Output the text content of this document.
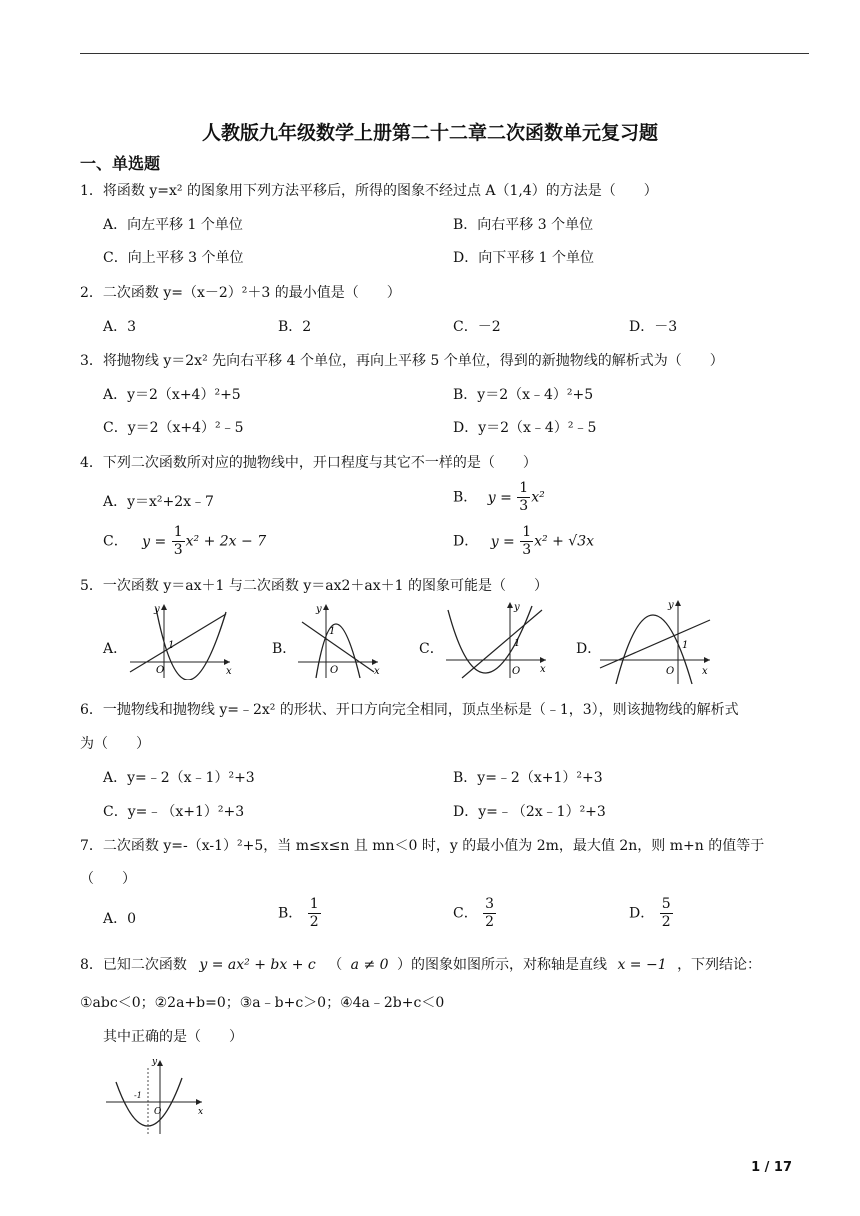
人教版九年级数学上册第二十二章二次函数单元复习题
一、单选题
1．将函数 y=x² 的图象用下列方法平移后，所得的图象不经过点 A（1,4）的方法是（　　）
A．向左平移 1 个单位	B．向右平移 3 个单位
C．向上平移 3 个单位	D．向下平移 1 个单位
2．二次函数 y=（x－2）²＋3 的最小值是（　　）
A．3	B．2	C．－2	D．－3
3．将抛物线 y＝2x² 先向右平移 4 个单位，再向上平移 5 个单位，得到的新抛物线的解析式为（　　）
A．y＝2（x+4）²+5	B．y＝2（x﹣4）²+5
C．y＝2（x+4）²﹣5	D．y＝2（x﹣4）²﹣5
4．下列二次函数所对应的抛物线中，开口程度与其它不一样的是（　　）
A．y＝x²+2x﹣7	B． $y = \frac{1}{3} x^2$
C． $y = \frac{1}{3} x^2 + 2x - 7$	D． $y = \frac{1}{3} x^2 + √3x$
5．一次函数 y＝ax＋1 与二次函数 y＝ax2＋ax＋1 的图象可能是（　　）
A．
y
x
O
1	B．
y
x
O
1
C．
y
x
O
1	D．
y
x
O
1
6．一抛物线和抛物线 y=﹣2x² 的形状、开口方向完全相同，顶点坐标是（﹣1，3），则该抛物线的解析式
为（　　）
A．y=﹣2（x﹣1）²+3	B．y=﹣2（x+1）²+3
C．y=﹣（x+1）²+3	D．y=﹣（2x﹣1）²+3
7．二次函数 y=-（x-1）²+5，当 m≤x≤n 且 mn＜0 时，y 的最小值为 2m，最大值 2n，则 m+n 的值等于
（　　）
A．0	B． $\frac{1}{2}$	C． $\frac{3}{2}$	D． $\frac{5}{2}$
8．已知二次函数 y = ax² + bx + c （ a ≠ 0 ）的图象如图所示，对称轴是直线 x = −1 ，下列结论：
①abc＜0；②2a+b=0；③a﹣b+c＞0；④4a﹣2b+c＜0
其中正确的是（　　）
y
x
O
-1
1 / 17
